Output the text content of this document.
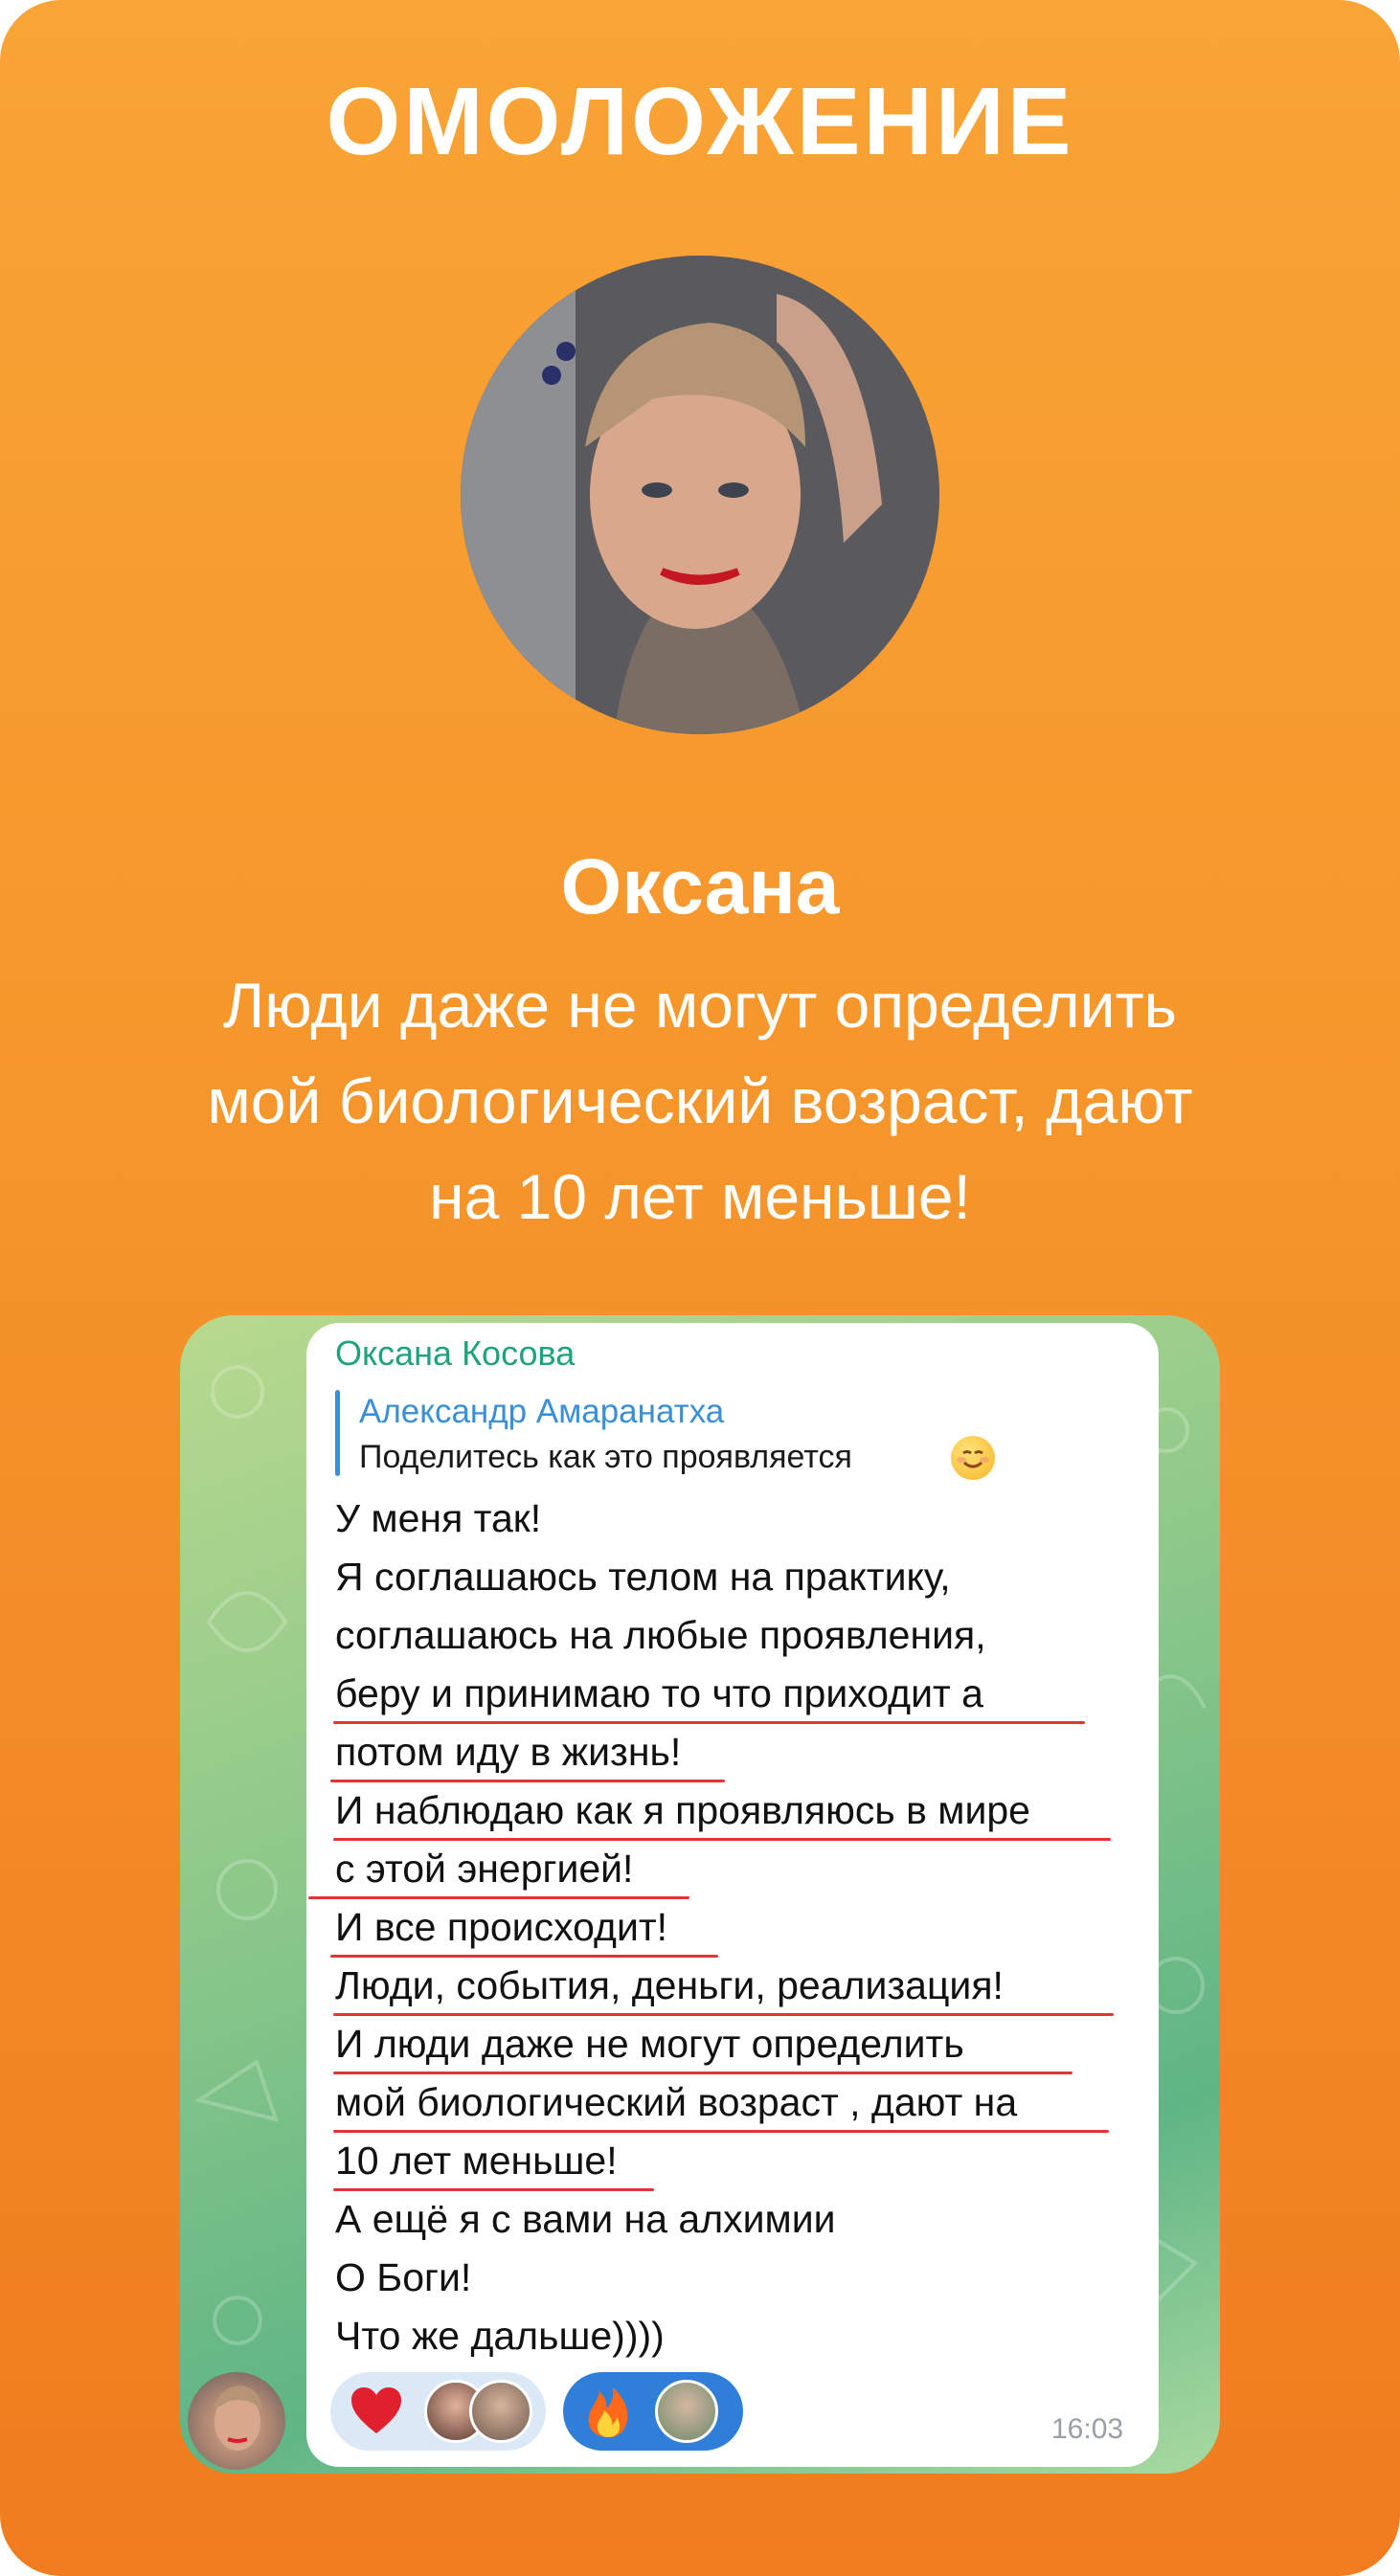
ОМОЛОЖЕНИЕ
Оксана
Люди даже не могут определить
мой биологический возраст, дают
на 10 лет меньше!
Оксана Косова
Александр Амаранатха
Поделитесь как это проявляется
У меня так!
Я соглашаюсь телом на практику,
соглашаюсь на любые проявления,
беру и принимаю то что приходит а
потом иду в жизнь!
И наблюдаю как я проявляюсь в мире
с этой энергией!
И все происходит!
Люди, события, деньги, реализация!
И люди даже не могут определить
мой биологический возраст , дают на
10 лет меньше!
А ещё я с вами на алхимии
О Боги!
Что же дальше))))
16:03
